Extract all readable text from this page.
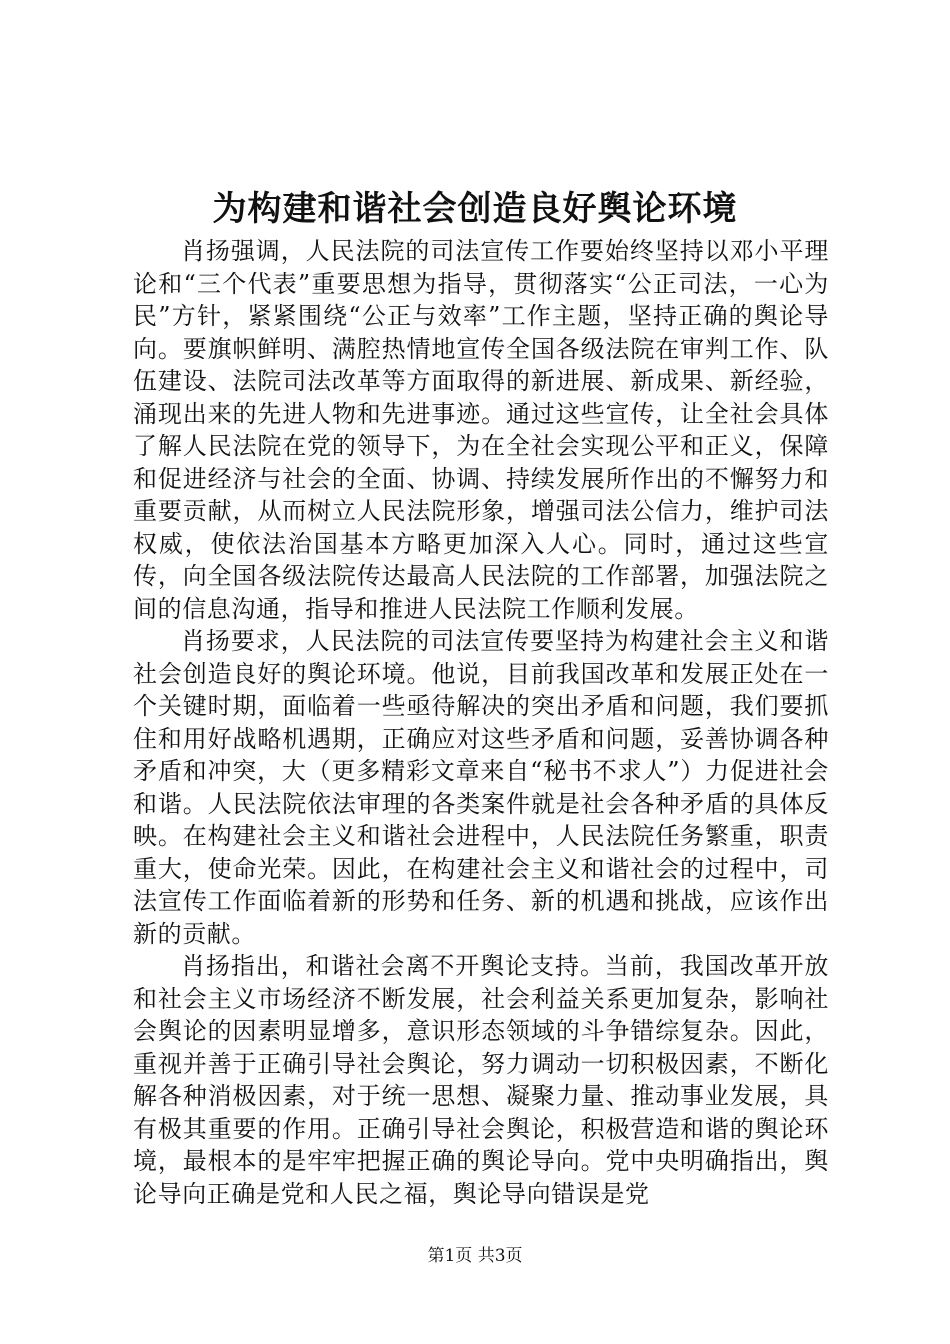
为构建和谐社会创造良好舆论环境

肖扬强调，人民法院的司法宣传工作要始终坚持以邓小平理论和“三个代表”重要思想为指导，贯彻落实“公正司法，一心为民”方针，紧紧围绕“公正与效率”工作主题，坚持正确的舆论导向。要旗帜鲜明、满腔热情地宣传全国各级法院在审判工作、队伍建设、法院司法改革等方面取得的新进展、新成果、新经验，涌现出来的先进人物和先进事迹。通过这些宣传，让全社会具体了解人民法院在党的领导下，为在全社会实现公平和正义，保障和促进经济与社会的全面、协调、持续发展所作出的不懈努力和重要贡献，从而树立人民法院形象，增强司法公信力，维护司法权威，使依法治国基本方略更加深入人心。同时，通过这些宣传，向全国各级法院传达最高人民法院的工作部署，加强法院之间的信息沟通，指导和推进人民法院工作顺利发展。

肖扬要求，人民法院的司法宣传要坚持为构建社会主义和谐社会创造良好的舆论环境。他说，目前我国改革和发展正处在一个关键时期，面临着一些亟待解决的突出矛盾和问题，我们要抓住和用好战略机遇期，正确应对这些矛盾和问题，妥善协调各种矛盾和冲突，大（更多精彩文章来自“秘书不求人”）力促进社会和谐。人民法院依法审理的各类案件就是社会各种矛盾的具体反映。在构建社会主义和谐社会进程中，人民法院任务繁重，职责重大，使命光荣。因此，在构建社会主义和谐社会的过程中，司法宣传工作面临着新的形势和任务、新的机遇和挑战，应该作出新的贡献。

肖扬指出，和谐社会离不开舆论支持。当前，我国改革开放和社会主义市场经济不断发展，社会利益关系更加复杂，影响社会舆论的因素明显增多，意识形态领域的斗争错综复杂。因此，重视并善于正确引导社会舆论，努力调动一切积极因素，不断化解各种消极因素，对于统一思想、凝聚力量、推动事业发展，具有极其重要的作用。正确引导社会舆论，积极营造和谐的舆论环境，最根本的是牢牢把握正确的舆论导向。党中央明确指出，舆论导向正确是党和人民之福，舆论导向错误是党

第1页 共3页
